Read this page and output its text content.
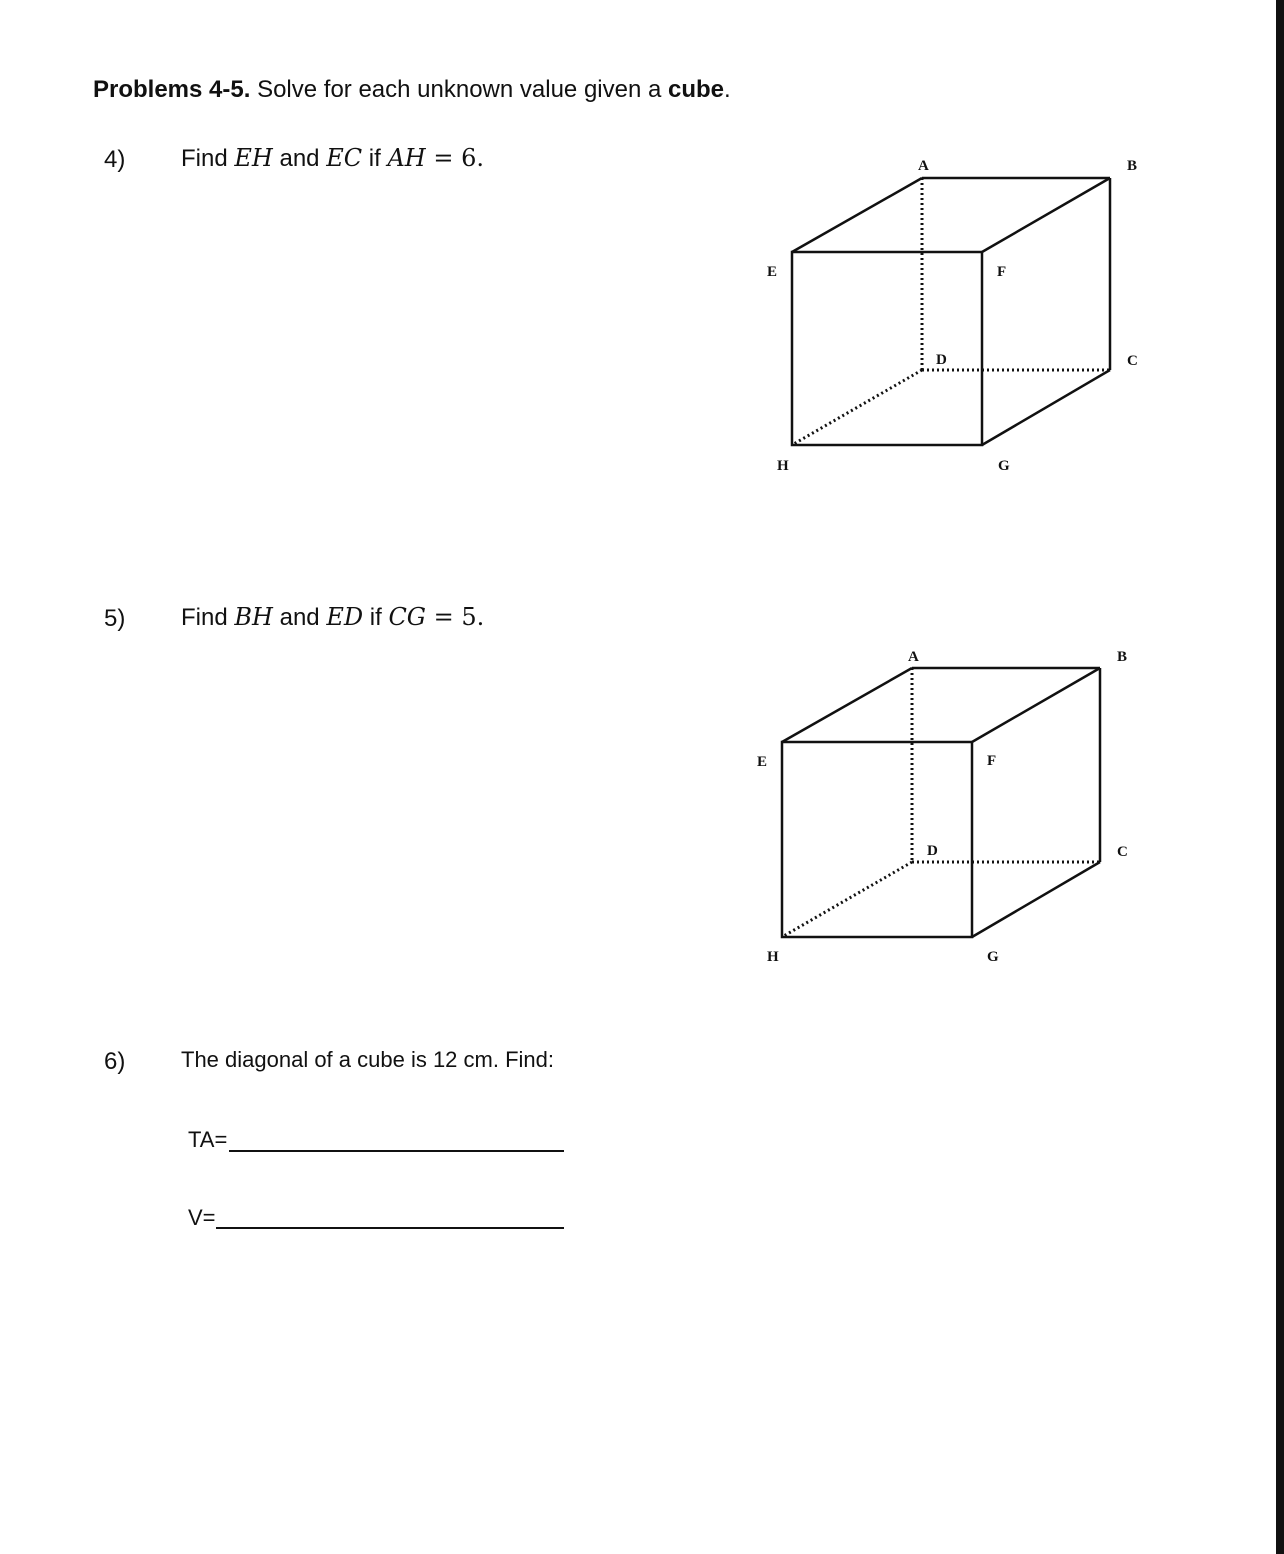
Problems 4-5. Solve for each unknown value given a cube.
4) Find EH and EC if AH = 6.	A	B
C
D
E	F
G
H
5) Find BH and ED if CG = 5.
A	B
C
D
E	F
G
H
6)	The diagonal of a cube is 12 cm. Find:
TA=
V=
